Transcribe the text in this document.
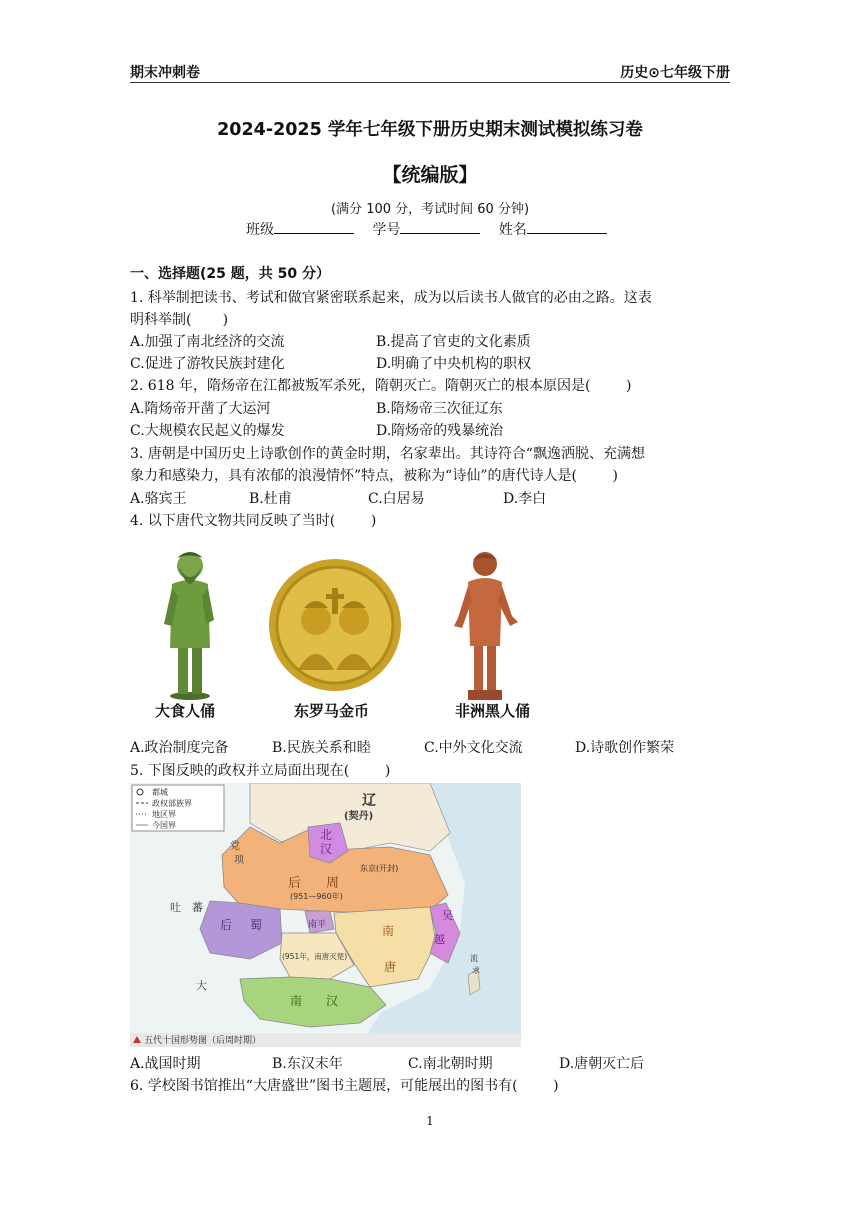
期末冲刺卷	历史⊙七年级下册
2024-2025 学年七年级下册历史期末测试模拟练习卷
【统编版】
(满分 100 分，考试时间 60 分钟)
班级	学号	姓名
一、选择题(25 题，共 50 分）
1. 科举制把读书、考试和做官紧密联系起来，成为以后读书人做官的必由之路。这表
明科举制(       )
A.加强了南北经济的交流	B.提高了官吏的文化素质
C.促进了游牧民族封建化	D.明确了中央机构的职权
2. 618 年，隋炀帝在江都被叛军杀死，隋朝灭亡。隋朝灭亡的根本原因是(        )
A.隋炀帝开凿了大运河	B.隋炀帝三次征辽东
C.大规模农民起义的爆发	D.隋炀帝的残暴统治
3. 唐朝是中国历史上诗歌创作的黄金时期，名家辈出。其诗符合“飘逸洒脱、充满想
象力和感染力，具有浓郁的浪漫情怀”特点，被称为“诗仙”的唐代诗人是(        )
A.骆宾王	B.杜甫	C.白居易	D.李白
4. 以下唐代文物共同反映了当时(        )
大食人俑	东罗马金币	非洲黑人俑
A.政治制度完备	B.民族关系和睦	C.中外文化交流	D.诗歌创作繁荣
5. 下图反映的政权并立局面出现在(        )
都城
政权部族界
地区界
今国界
辽
(契丹)
北
汉
党
项
后 周
东京(开封)
(951—960年)
吐 蕃
后 蜀	南平
吴
越
南
唐
(951年，南唐灭楚)
大
南 汉
流
求
五代十国形势图（后周时期）
A.战国时期	B.东汉末年	C.南北朝时期	D.唐朝灭亡后
6. 学校图书馆推出“大唐盛世”图书主题展，可能展出的图书有(        )
1
